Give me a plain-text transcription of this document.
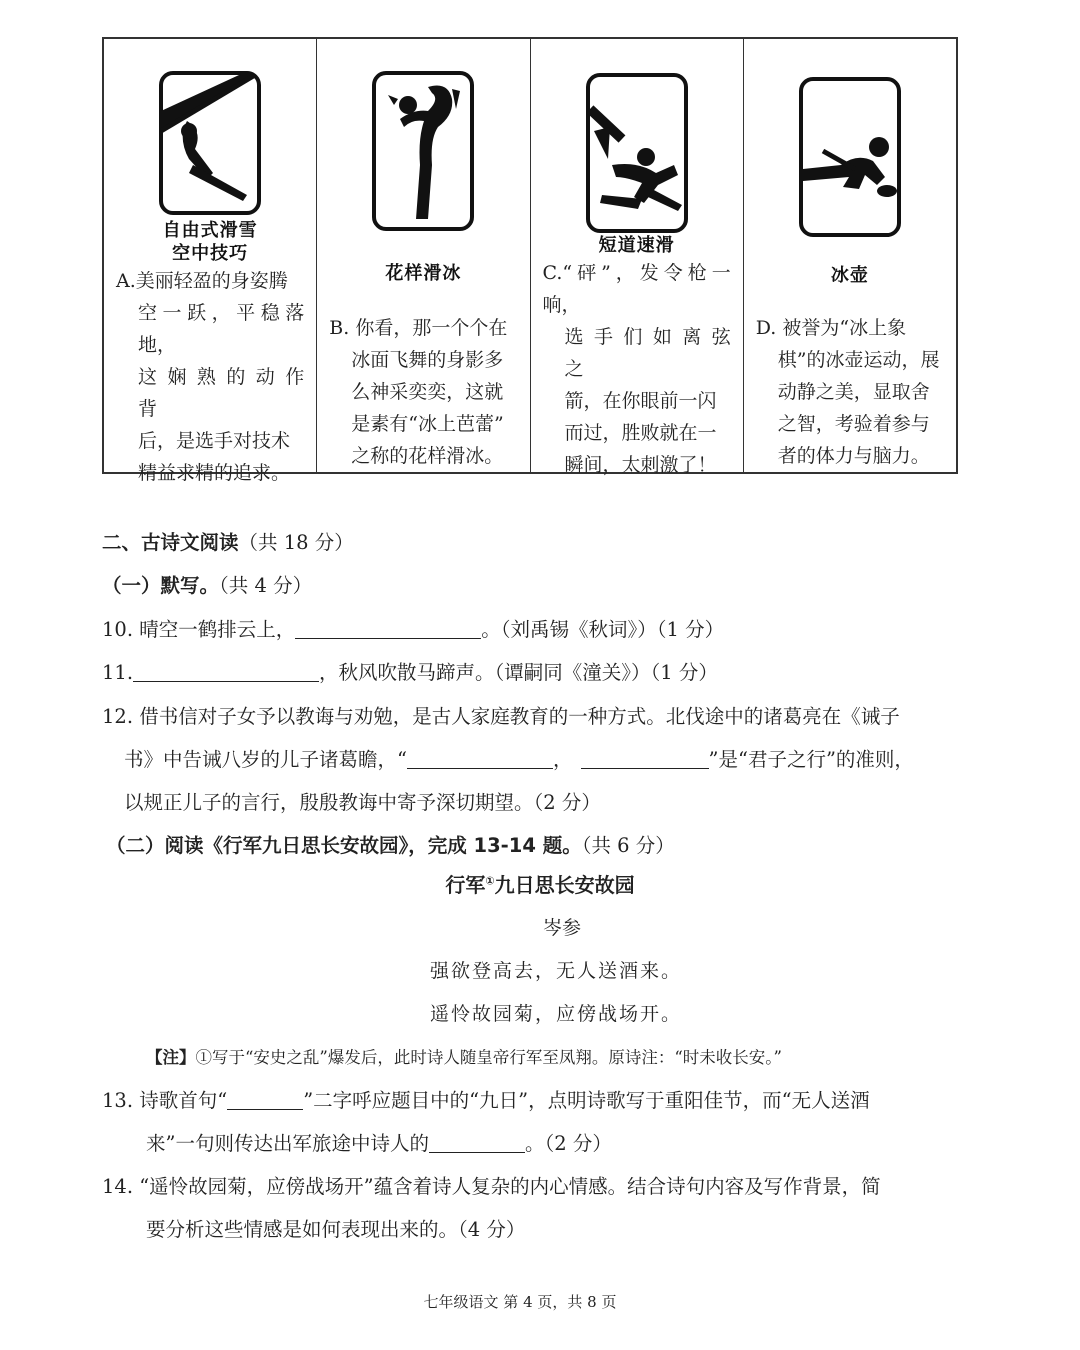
自由式滑雪
空中技巧
A.美丽轻盈的身姿腾
空一跃，平稳落地，
这 娴 熟 的 动 作 背
后，是选手对技术
精益求精的追求。
花样滑冰
B. 你看，那一个个在
冰面飞舞的身影多
么神采奕奕，这就
是素有“冰上芭蕾”
之称的花样滑冰。
短道速滑
C.“砰”，发令枪一响，
选 手 们 如 离 弦 之
箭，在你眼前一闪
而过，胜败就在一
瞬间，太刺激了！
冰壶
D. 被誉为“冰上象
棋”的冰壶运动，展
动静之美，显取舍
之智，考验着参与
者的体力与脑力。
二、古诗文阅读（共 18 分）
（一）默写。（共 4 分）
10. 晴空一鹤排云上，	。（刘禹锡《秋词》）（1 分）
11.	，秋风吹散马蹄声。（谭嗣同《潼关》）（1 分）
12. 借书信对子女予以教诲与劝勉，是古人家庭教育的一种方式。北伐途中的诸葛亮在《诫子
书》中告诫八岁的儿子诸葛瞻，“	，	”是“君子之行”的准则，
以规正儿子的言行，殷殷教诲中寄予深切期望。（2 分）
（二）阅读《行军九日思长安故园》，完成 13-14 题。（共 6 分）
行军①九日思长安故园
岑参
强欲登高去，无人送酒来。
遥怜故园菊，应傍战场开。
【注】①写于“安史之乱”爆发后，此时诗人随皇帝行军至凤翔。原诗注：“时未收长安。”
13. 诗歌首句“	”二字呼应题目中的“九日”，点明诗歌写于重阳佳节，而“无人送酒
来”一句则传达出军旅途中诗人的	。（2 分）
14. “遥怜故园菊，应傍战场开”蕴含着诗人复杂的内心情感。结合诗句内容及写作背景，简
要分析这些情感是如何表现出来的。（4 分）
七年级语文 第 4 页，共 8 页
